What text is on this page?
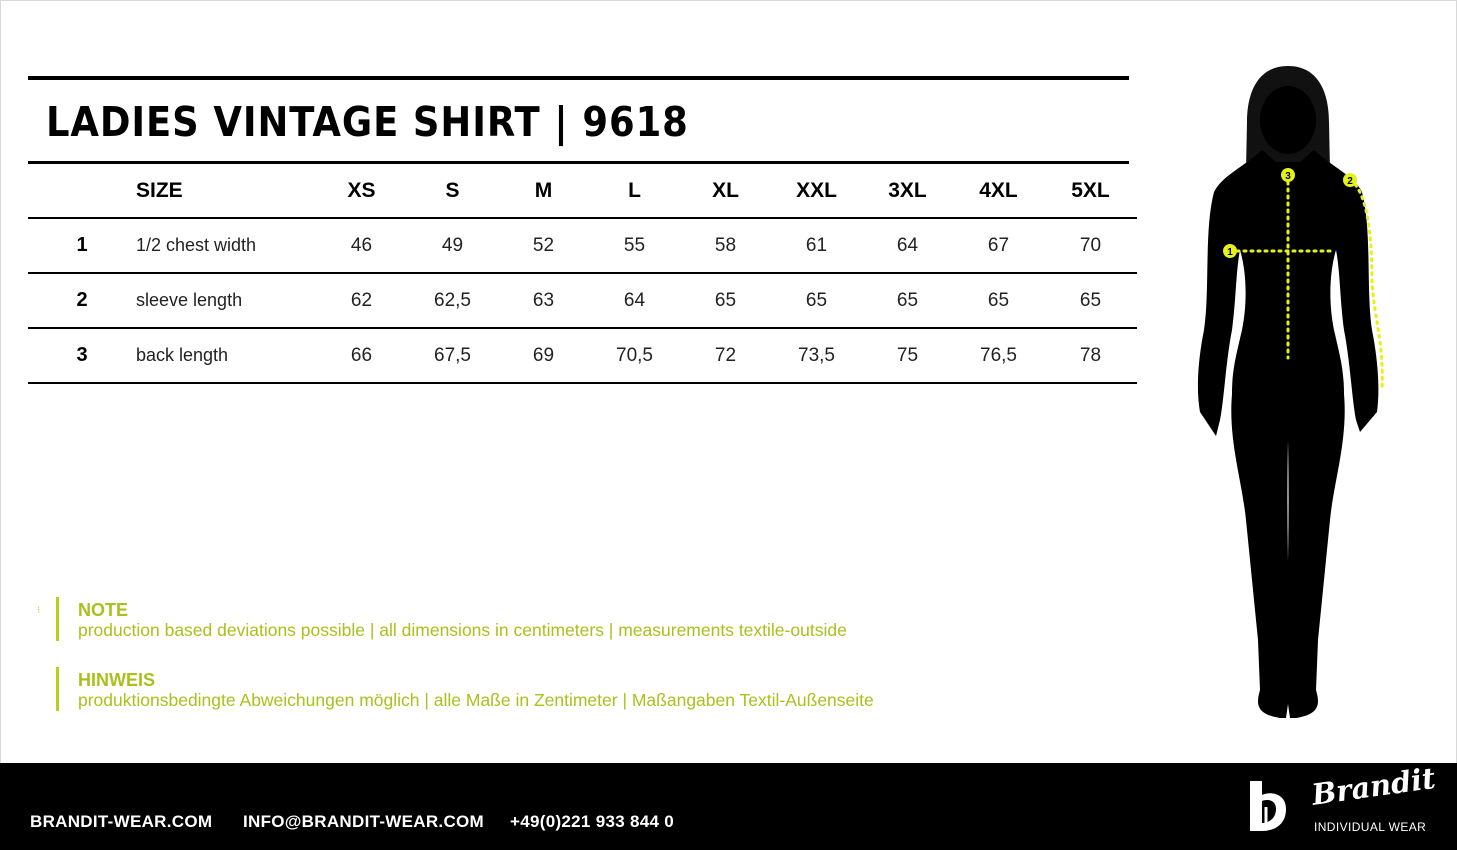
LADIES VINTAGE SHIRT | 9618
	SIZE	XS	S	M	L	XL	XXL	3XL	4XL	5XL
1	1/2 chest width	46	49	52	55	58	61	64	67	70
2	sleeve length	62	62,5	63	64	65	65	65	65	65
3	back length	66	67,5	69	70,5	72	73,5	75	76,5	78
⁝ NOTE
production based deviations possible | all dimensions in centimeters | measurements textile-outside
HINWEIS
produktionsbedingte Abweichungen möglich | alle Maße in Zentimeter | Maßangaben Textil-Außenseite
1
2
3
BRANDIT-WEAR.COM INFO@BRANDIT-WEAR.COM +49(0)221 933 844 0
Brandit
INDIVIDUAL WEAR
